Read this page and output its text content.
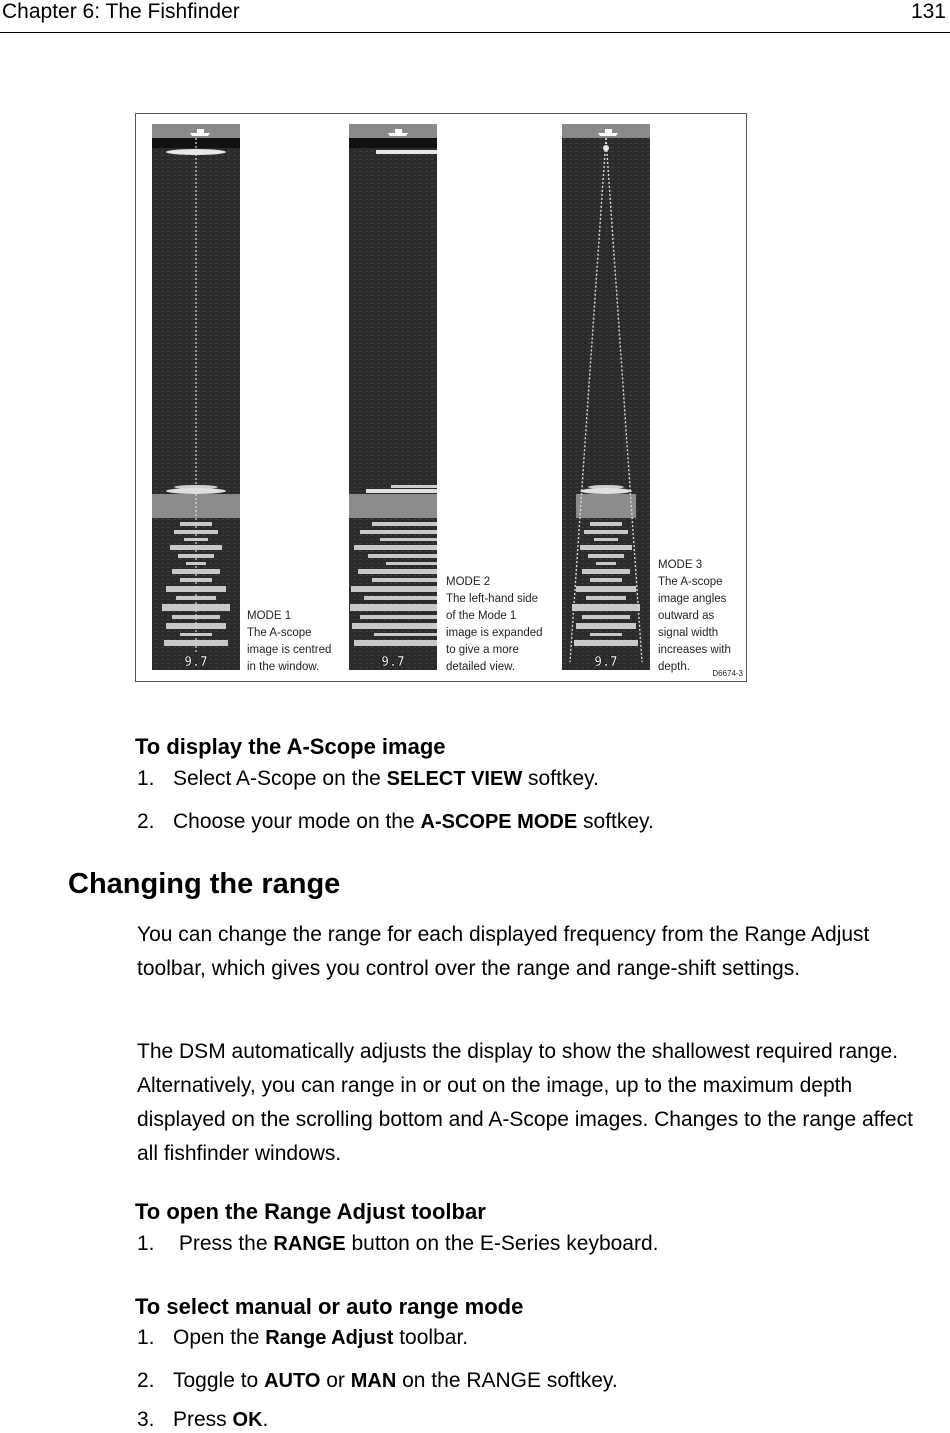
Chapter 6: The Fishfinder	131
9.7	9.7	9.7
MODE 1
The A-scope
image is centred
in the window.
MODE 2
The left-hand side
of the Mode 1
image is expanded
to give a more
detailed view.
MODE 3
The A-scope
image angles
outward as
signal width
increases with
depth.
D6674-3
To display the A-Scope image
1. Select A-Scope on the SELECT VIEW softkey.
2. Choose your mode on the A-SCOPE MODE softkey.
Changing the range
You can change the range for each displayed frequency from the Range Adjust
toolbar, which gives you control over the range and range-shift settings.
The DSM automatically adjusts the display to show the shallowest required range.
Alternatively, you can range in or out on the image, up to the maximum depth
displayed on the scrolling bottom and A-Scope images. Changes to the range affect
all fishfinder windows.
To open the Range Adjust toolbar
1. Press the RANGE button on the E-Series keyboard.
To select manual or auto range mode
1. Open the Range Adjust toolbar.
2. Toggle to AUTO or MAN on the RANGE softkey.
3. Press OK.
